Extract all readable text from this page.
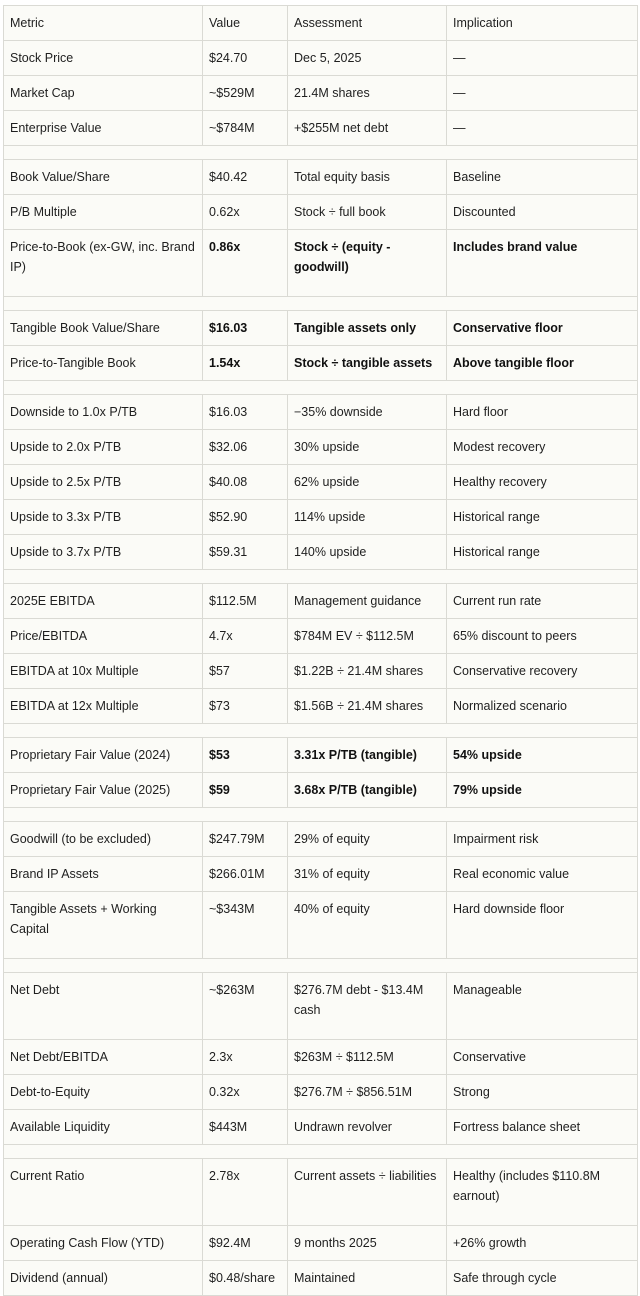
Metric	Value	Assessment	Implication
Stock Price	$24.70	Dec 5, 2025	—
Market Cap	~$529M	21.4M shares	—
Enterprise Value	~$784M	+$255M net debt	—

Book Value/Share	$40.42	Total equity basis	Baseline
P/B Multiple	0.62x	Stock ÷ full book	Discounted
Price-to-Book (ex-GW, inc. Brand IP)	0.86x	Stock ÷ (equity - goodwill)	Includes brand value

Tangible Book Value/Share	$16.03	Tangible assets only	Conservative floor
Price-to-Tangible Book	1.54x	Stock ÷ tangible assets	Above tangible floor

Downside to 1.0x P/TB	$16.03	−35% downside	Hard floor
Upside to 2.0x P/TB	$32.06	30% upside	Modest recovery
Upside to 2.5x P/TB	$40.08	62% upside	Healthy recovery
Upside to 3.3x P/TB	$52.90	114% upside	Historical range
Upside to 3.7x P/TB	$59.31	140% upside	Historical range

2025E EBITDA	$112.5M	Management guidance	Current run rate
Price/EBITDA	4.7x	$784M EV ÷ $112.5M	65% discount to peers
EBITDA at 10x Multiple	$57	$1.22B ÷ 21.4M shares	Conservative recovery
EBITDA at 12x Multiple	$73	$1.56B ÷ 21.4M shares	Normalized scenario

Proprietary Fair Value (2024)	$53	3.31x P/TB (tangible)	54% upside
Proprietary Fair Value (2025)	$59	3.68x P/TB (tangible)	79% upside

Goodwill (to be excluded)	$247.79M	29% of equity	Impairment risk
Brand IP Assets	$266.01M	31% of equity	Real economic value
Tangible Assets + Working Capital	~$343M	40% of equity	Hard downside floor

Net Debt	~$263M	$276.7M debt - $13.4M cash	Manageable
Net Debt/EBITDA	2.3x	$263M ÷ $112.5M	Conservative
Debt-to-Equity	0.32x	$276.7M ÷ $856.51M	Strong
Available Liquidity	$443M	Undrawn revolver	Fortress balance sheet

Current Ratio	2.78x	Current assets ÷ liabilities	Healthy (includes $110.8M earnout)
Operating Cash Flow (YTD)	$92.4M	9 months 2025	+26% growth
Dividend (annual)	$0.48/share	Maintained	Safe through cycle
